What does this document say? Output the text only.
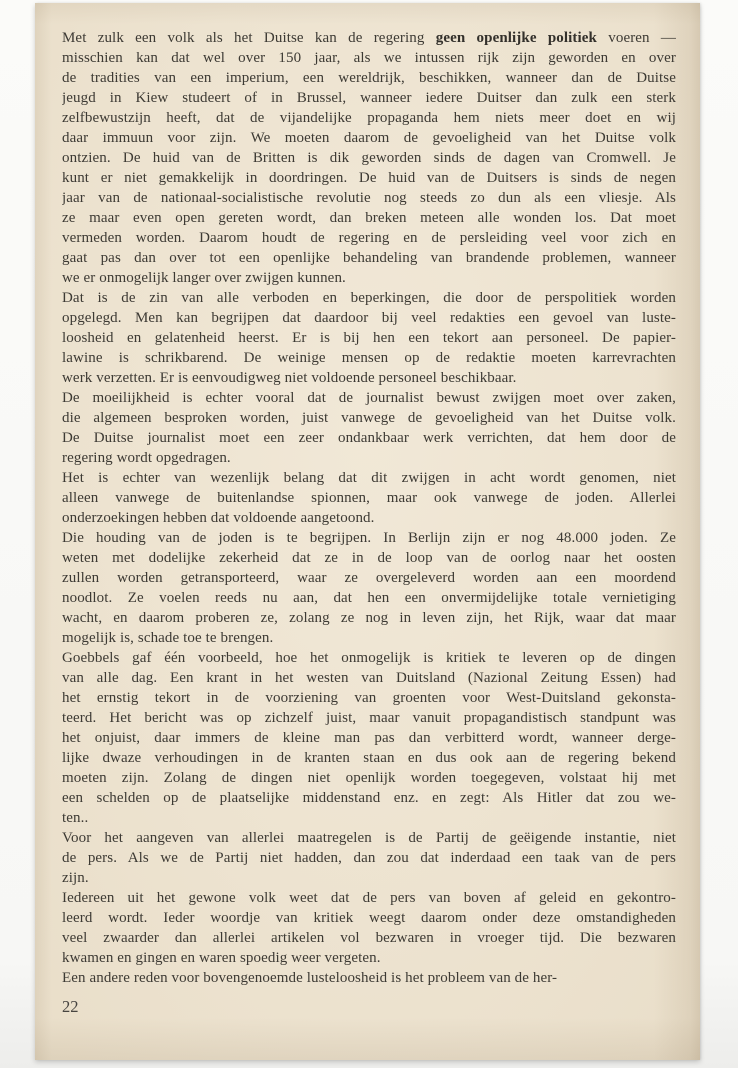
Met zulk een volk als het Duitse kan de regering geen openlijke politiek voeren —
misschien kan dat wel over 150 jaar, als we intussen rijk zijn geworden en over
de tradities van een imperium, een wereldrijk, beschikken, wanneer dan de Duitse
jeugd in Kiew studeert of in Brussel, wanneer iedere Duitser dan zulk een sterk
zelfbewustzijn heeft, dat de vijandelijke propaganda hem niets meer doet en wij
daar immuun voor zijn. We moeten daarom de gevoeligheid van het Duitse volk
ontzien. De huid van de Britten is dik geworden sinds de dagen van Cromwell. Je
kunt er niet gemakkelijk in doordringen. De huid van de Duitsers is sinds de negen
jaar van de nationaal-socialistische revolutie nog steeds zo dun als een vliesje. Als
ze maar even open gereten wordt, dan breken meteen alle wonden los. Dat moet
vermeden worden. Daarom houdt de regering en de persleiding veel voor zich en
gaat pas dan over tot een openlijke behandeling van brandende problemen, wanneer
we er onmogelijk langer over zwijgen kunnen.
Dat is de zin van alle verboden en beperkingen, die door de perspolitiek worden
opgelegd. Men kan begrijpen dat daardoor bij veel redakties een gevoel van luste-
loosheid en gelatenheid heerst. Er is bij hen een tekort aan personeel. De papier-
lawine is schrikbarend. De weinige mensen op de redaktie moeten karrevrachten
werk verzetten. Er is eenvoudigweg niet voldoende personeel beschikbaar.
De moeilijkheid is echter vooral dat de journalist bewust zwijgen moet over zaken,
die algemeen besproken worden, juist vanwege de gevoeligheid van het Duitse volk.
De Duitse journalist moet een zeer ondankbaar werk verrichten, dat hem door de
regering wordt opgedragen.
Het is echter van wezenlijk belang dat dit zwijgen in acht wordt genomen, niet
alleen vanwege de buitenlandse spionnen, maar ook vanwege de joden. Allerlei
onderzoekingen hebben dat voldoende aangetoond.
Die houding van de joden is te begrijpen. In Berlijn zijn er nog 48.000 joden. Ze
weten met dodelijke zekerheid dat ze in de loop van de oorlog naar het oosten
zullen worden getransporteerd, waar ze overgeleverd worden aan een moordend
noodlot. Ze voelen reeds nu aan, dat hen een onvermijdelijke totale vernietiging
wacht, en daarom proberen ze, zolang ze nog in leven zijn, het Rijk, waar dat maar
mogelijk is, schade toe te brengen.
Goebbels gaf één voorbeeld, hoe het onmogelijk is kritiek te leveren op de dingen
van alle dag. Een krant in het westen van Duitsland (Nazional Zeitung Essen) had
het ernstig tekort in de voorziening van groenten voor West-Duitsland gekonsta-
teerd. Het bericht was op zichzelf juist, maar vanuit propagandistisch standpunt was
het onjuist, daar immers de kleine man pas dan verbitterd wordt, wanneer derge-
lijke dwaze verhoudingen in de kranten staan en dus ook aan de regering bekend
moeten zijn. Zolang de dingen niet openlijk worden toegegeven, volstaat hij met
een schelden op de plaatselijke middenstand enz. en zegt: Als Hitler dat zou we-
ten..
Voor het aangeven van allerlei maatregelen is de Partij de geëigende instantie, niet
de pers. Als we de Partij niet hadden, dan zou dat inderdaad een taak van de pers
zijn.
Iedereen uit het gewone volk weet dat de pers van boven af geleid en gekontro-
leerd wordt. Ieder woordje van kritiek weegt daarom onder deze omstandigheden
veel zwaarder dan allerlei artikelen vol bezwaren in vroeger tijd. Die bezwaren
kwamen en gingen en waren spoedig weer vergeten.
Een andere reden voor bovengenoemde lusteloosheid is het probleem van de her-
22
